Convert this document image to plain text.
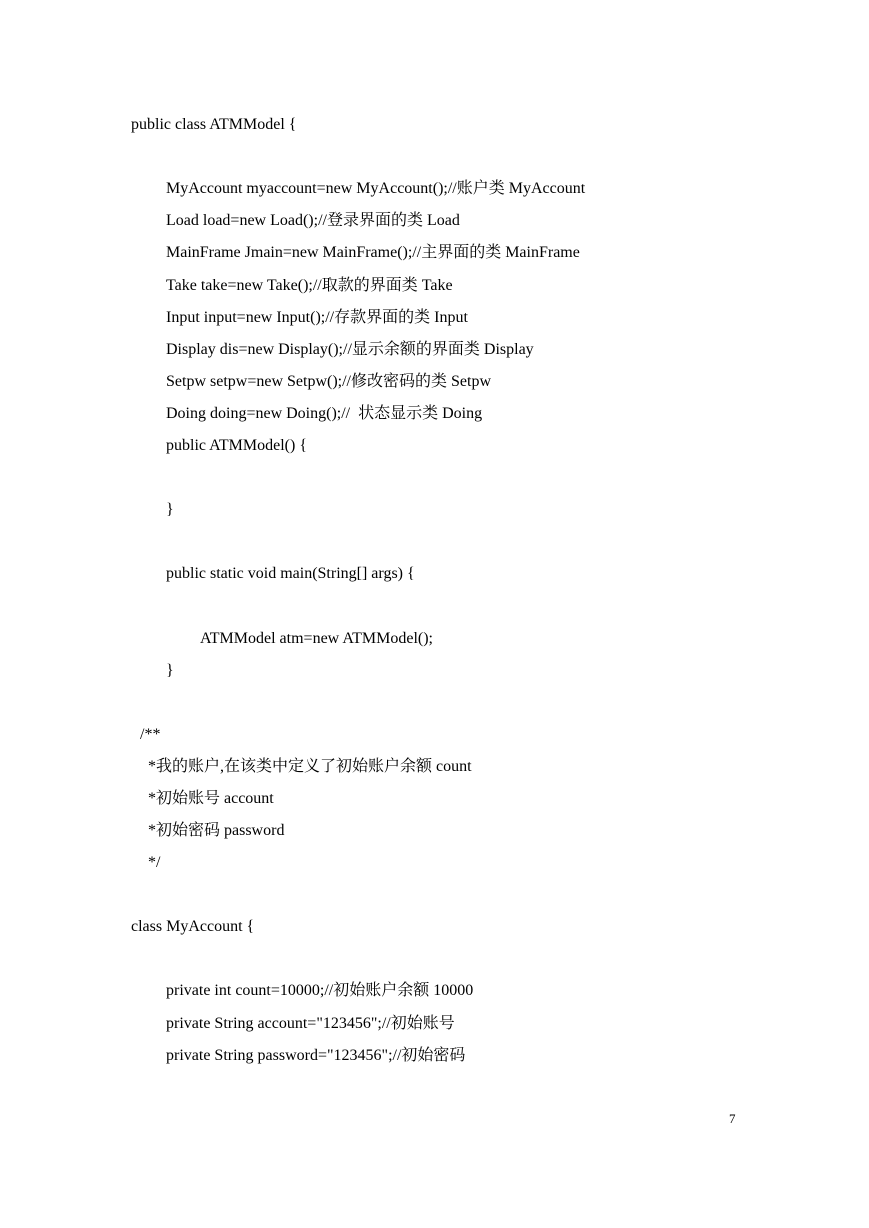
public class ATMModel {

MyAccount myaccount=new MyAccount();//账户类 MyAccount

Load load=new Load();//登录界面的类 Load

MainFrame Jmain=new MainFrame();//主界面的类 MainFrame

Take take=new Take();//取款的界面类 Take

Input input=new Input();//存款界面的类 Input

Display dis=new Display();//显示余额的界面类 Display

Setpw setpw=new Setpw();//修改密码的类 Setpw

Doing doing=new Doing();//  状态显示类 Doing

public ATMModel() {

}

public static void main(String[] args) {

ATMModel atm=new ATMModel();

}

/**

*我的账户,在该类中定义了初始账户余额 count

*初始账号 account

*初始密码 password

*/

class MyAccount {

private int count=10000;//初始账户余额 10000

private String account="123456";//初始账号

private String password="123456";//初始密码

7
